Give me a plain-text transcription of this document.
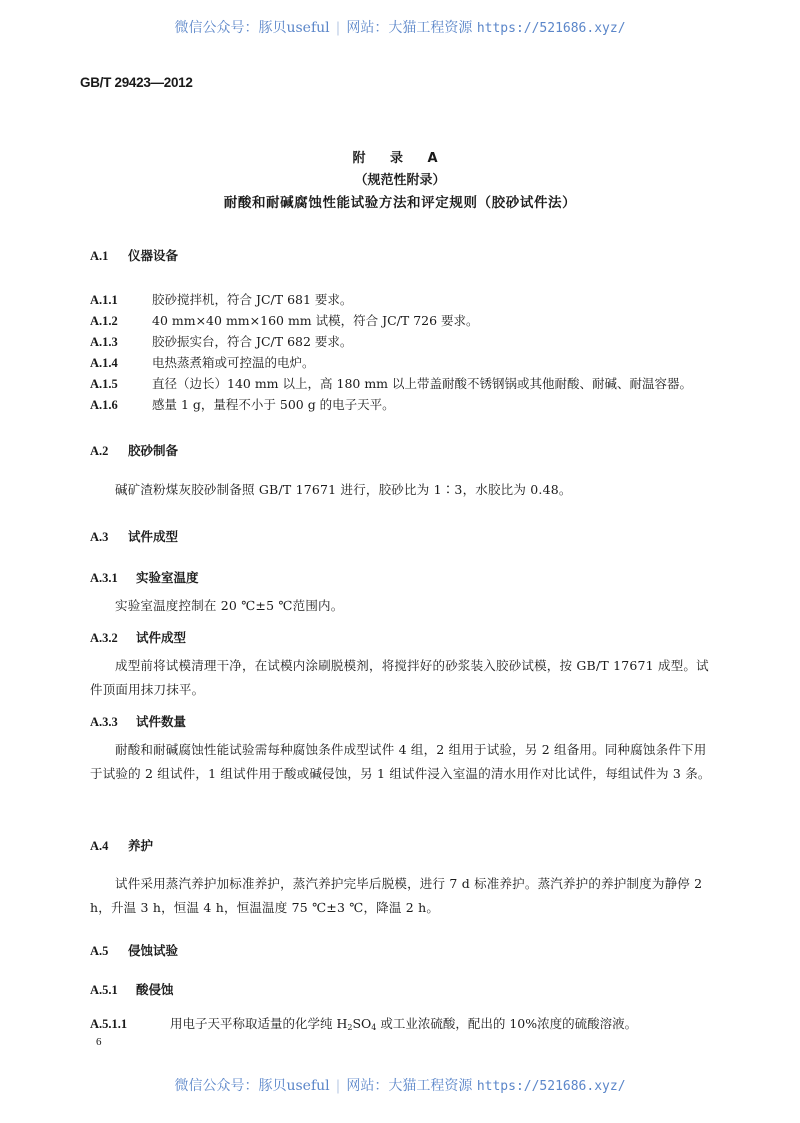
微信公众号：豚贝useful | 网站：大猫工程资源 https://521686.xyz/
GB/T 29423—2012
附 录 A
（规范性附录）
耐酸和耐碱腐蚀性能试验方法和评定规则（胶砂试件法）
A.1 仪器设备
A.1.1	胶砂搅拌机，符合 JC/T 681 要求。
A.1.2	40 mm×40 mm×160 mm 试模，符合 JC/T 726 要求。
A.1.3	胶砂振实台，符合 JC/T 682 要求。
A.1.4	电热蒸煮箱或可控温的电炉。
A.1.5	直径（边长）140 mm 以上，高 180 mm 以上带盖耐酸不锈钢锅或其他耐酸、耐碱、耐温容器。
A.1.6	感量 1 g，量程不小于 500 g 的电子天平。
A.2 胶砂制备
碱矿渣粉煤灰胶砂制备照 GB/T 17671 进行，胶砂比为 1∶3，水胶比为 0.48。
A.3 试件成型
A.3.1 实验室温度
实验室温度控制在 20 ℃±5 ℃范围内。
A.3.2 试件成型
成型前将试模清理干净，在试模内涂刷脱模剂，将搅拌好的砂浆装入胶砂试模，按 GB/T 17671 成型。试件顶面用抹刀抹平。
A.3.3 试件数量
耐酸和耐碱腐蚀性能试验需每种腐蚀条件成型试件 4 组，2 组用于试验，另 2 组备用。同种腐蚀条件下用于试验的 2 组试件，1 组试件用于酸或碱侵蚀，另 1 组试件浸入室温的清水用作对比试件，每组试件为 3 条。
A.4 养护
试件采用蒸汽养护加标准养护，蒸汽养护完毕后脱模，进行 7 d 标准养护。蒸汽养护的养护制度为静停 2 h，升温 3 h，恒温 4 h，恒温温度 75 ℃±3 ℃，降温 2 h。
A.5 侵蚀试验
A.5.1 酸侵蚀
A.5.1.1	用电子天平称取适量的化学纯 $H_2SO_4$ 或工业浓硫酸，配出的 10%浓度的硫酸溶液。
6
微信公众号：豚贝useful | 网站：大猫工程资源 https://521686.xyz/
